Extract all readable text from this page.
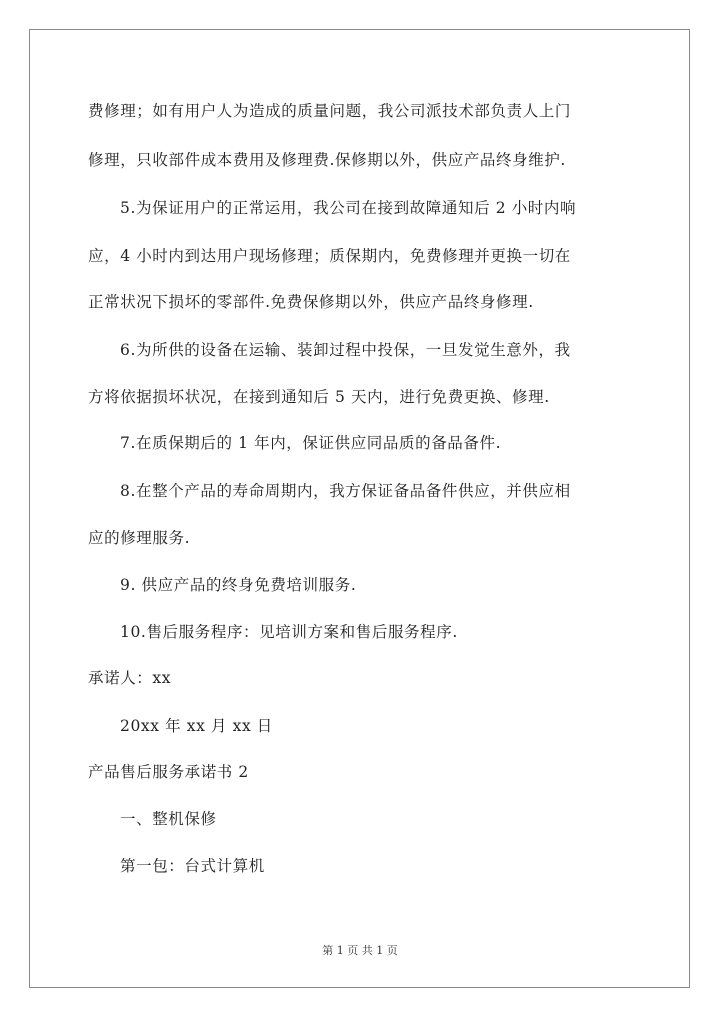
费修理；如有用户人为造成的质量问题，我公司派技术部负责人上门
修理，只收部件成本费用及修理费.保修期以外，供应产品终身维护.
5.为保证用户的正常运用，我公司在接到故障通知后 2 小时内响
应，4 小时内到达用户现场修理；质保期内，免费修理并更换一切在
正常状况下损坏的零部件.免费保修期以外，供应产品终身修理.
6.为所供的设备在运输、装卸过程中投保，一旦发觉生意外，我
方将依据损坏状况，在接到通知后 5 天内，进行免费更换、修理.
7.在质保期后的 1 年内，保证供应同品质的备品备件.
8.在整个产品的寿命周期内，我方保证备品备件供应，并供应相
应的修理服务.
9. 供应产品的终身免费培训服务.
10.售后服务程序：见培训方案和售后服务程序.
承诺人：xx
20xx 年 xx 月 xx 日
产品售后服务承诺书 2
一、整机保修
第一包：台式计算机
第 1 页 共 1 页
